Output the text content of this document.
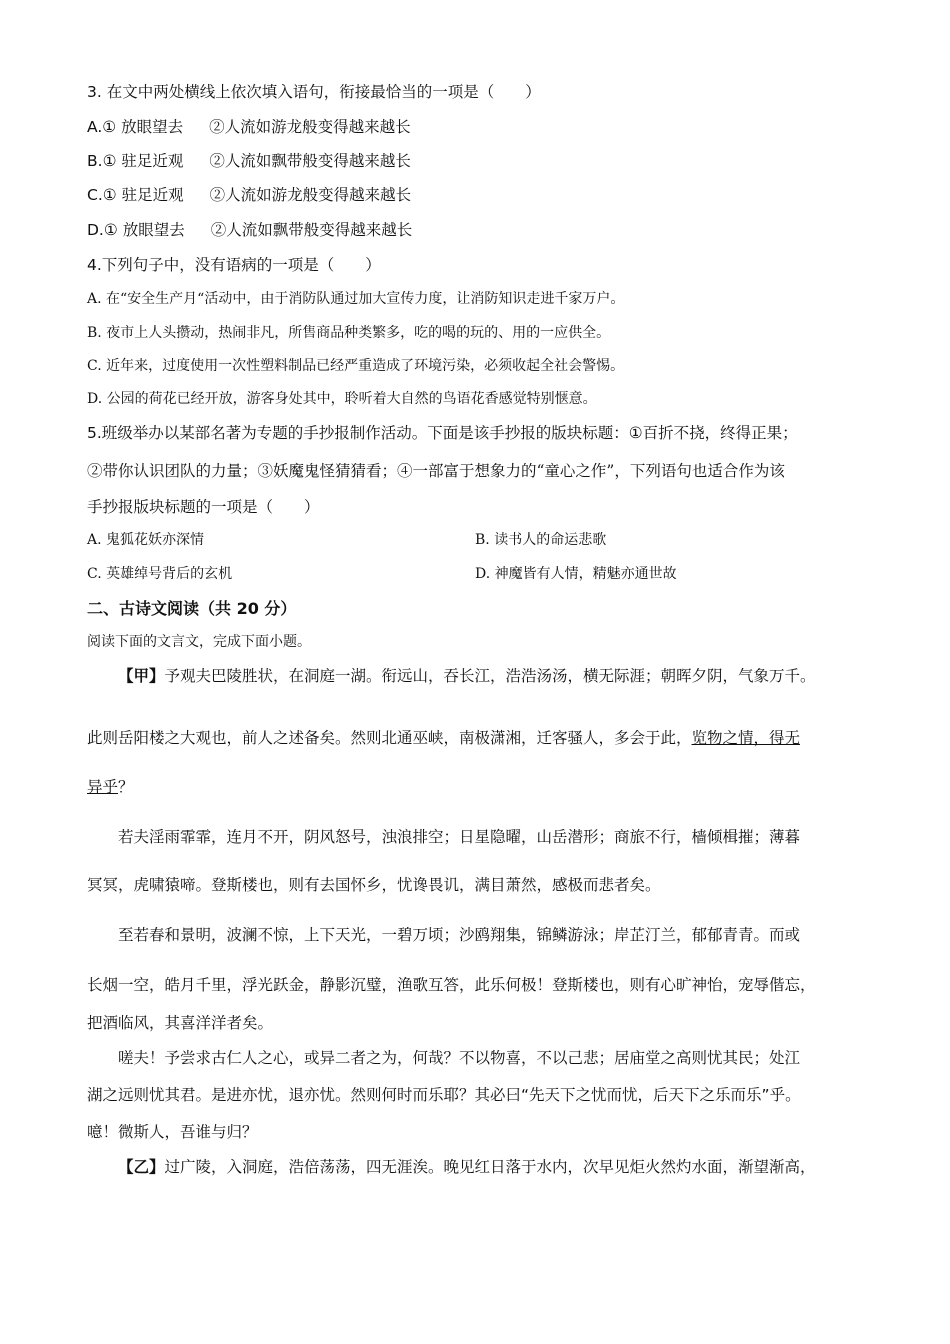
3. 在文中两处横线上依次填入语句，衔接最恰当的一项是（　　）
A.① 放眼望去 ②人流如游龙般变得越来越长
B.① 驻足近观 ②人流如飘带般变得越来越长
C.① 驻足近观 ②人流如游龙般变得越来越长
D.① 放眼望去 ②人流如飘带般变得越来越长
4.下列句子中，没有语病的一项是（　　）
A. 在“安全生产月“活动中，由于消防队通过加大宣传力度，让消防知识走进千家万户。
B. 夜市上人头攒动，热闹非凡，所售商品种类繁多，吃的喝的玩的、用的一应供全。
C. 近年来，过度使用一次性塑料制品已经严重造成了环境污染，必须收起全社会警惕。
D. 公园的荷花已经开放，游客身处其中，聆听着大自然的鸟语花香感觉特别惬意。
5.班级举办以某部名著为专题的手抄报制作活动。下面是该手抄报的版块标题：①百折不挠，终得正果；
②带你认识团队的力量；③妖魔鬼怪猜猜看；④一部富于想象力的“童心之作”，下列语句也适合作为该
手抄报版块标题的一项是（　　）
A. 鬼狐花妖亦深情	B. 读书人的命运悲歌
C. 英雄绰号背后的玄机	D. 神魔皆有人情，精魅亦通世故
二、古诗文阅读（共 20 分）
阅读下面的文言文，完成下面小题。
【甲】予观夫巴陵胜状，在洞庭一湖。衔远山，吞长江，浩浩汤汤，横无际涯；朝晖夕阴，气象万千。
此则岳阳楼之大观也，前人之述备矣。然则北通巫峡，南极潇湘，迁客骚人，多会于此，览物之情，得无
异乎？
若夫淫雨霏霏，连月不开，阴风怒号，浊浪排空；日星隐曜，山岳潜形；商旅不行，樯倾楫摧；薄暮
冥冥，虎啸猿啼。登斯楼也，则有去国怀乡，忧谗畏讥，满目萧然，感极而悲者矣。
至若春和景明，波澜不惊，上下天光，一碧万顷；沙鸥翔集，锦鳞游泳；岸芷汀兰，郁郁青青。而或
长烟一空，皓月千里，浮光跃金，静影沉璧，渔歌互答，此乐何极！登斯楼也，则有心旷神怡，宠辱偕忘，
把酒临风，其喜洋洋者矣。
嗟夫！予尝求古仁人之心，或异二者之为，何哉？不以物喜，不以己悲；居庙堂之高则忧其民；处江
湖之远则忧其君。是进亦忧，退亦忧。然则何时而乐耶？其必曰“先天下之忧而忧，后天下之乐而乐”乎。
噫！微斯人，吾谁与归？
【乙】过广陵，入洞庭，浩倍荡荡，四无涯涘。晚见红日落于水内，次早见炬火然灼水面，渐望渐高，
